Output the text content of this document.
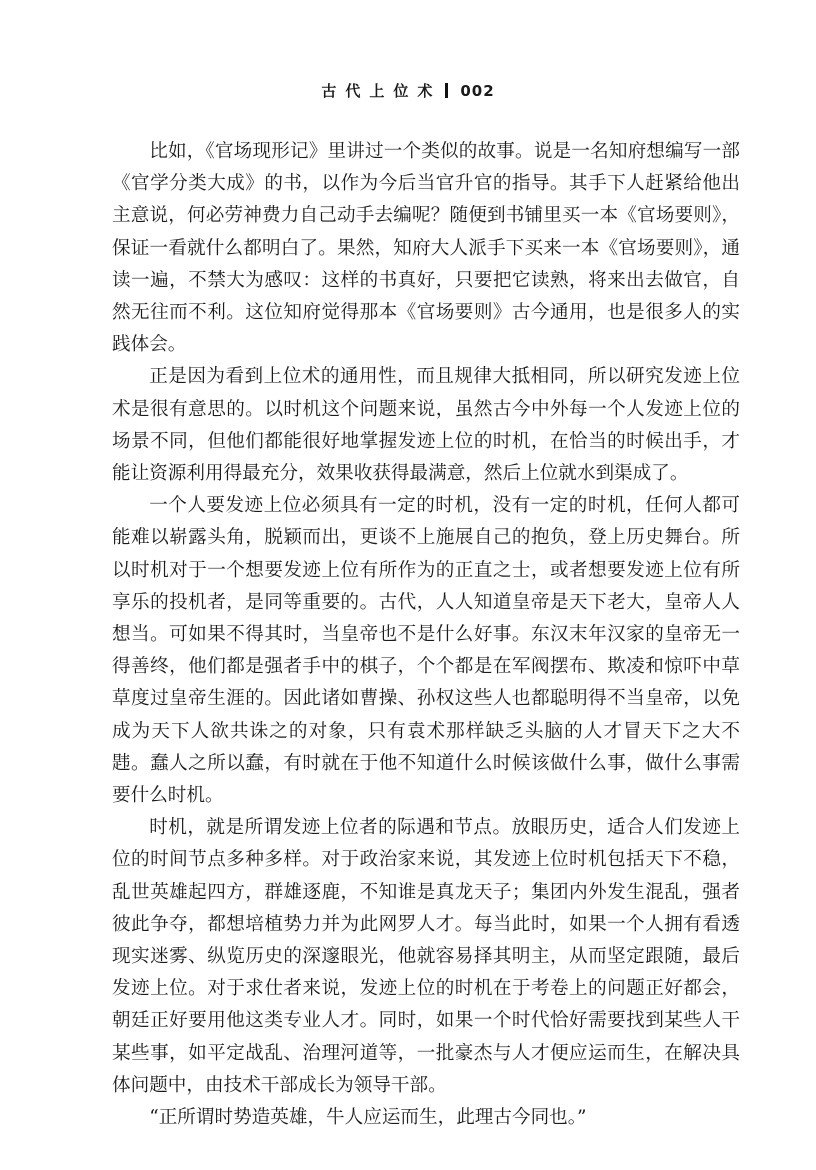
古代上位术 002

比如，《官场现形记》里讲过一个类似的故事。说是一名知府想编写一部《官学分类大成》的书，以作为今后当官升官的指导。其手下人赶紧给他出主意说，何必劳神费力自己动手去编呢？随便到书铺里买一本《官场要则》，保证一看就什么都明白了。果然，知府大人派手下买来一本《官场要则》，通读一遍，不禁大为感叹：这样的书真好，只要把它读熟，将来出去做官，自然无往而不利。这位知府觉得那本《官场要则》古今通用，也是很多人的实践体会。

正是因为看到上位术的通用性，而且规律大抵相同，所以研究发迹上位术是很有意思的。以时机这个问题来说，虽然古今中外每一个人发迹上位的场景不同，但他们都能很好地掌握发迹上位的时机，在恰当的时候出手，才能让资源利用得最充分，效果收获得最满意，然后上位就水到渠成了。

一个人要发迹上位必须具有一定的时机，没有一定的时机，任何人都可能难以崭露头角，脱颖而出，更谈不上施展自己的抱负，登上历史舞台。所以时机对于一个想要发迹上位有所作为的正直之士，或者想要发迹上位有所享乐的投机者，是同等重要的。古代，人人知道皇帝是天下老大，皇帝人人想当。可如果不得其时，当皇帝也不是什么好事。东汉末年汉家的皇帝无一得善终，他们都是强者手中的棋子，个个都是在军阀摆布、欺凌和惊吓中草草度过皇帝生涯的。因此诸如曹操、孙权这些人也都聪明得不当皇帝，以免成为天下人欲共诛之的对象，只有袁术那样缺乏头脑的人才冒天下之大不韪。蠢人之所以蠢，有时就在于他不知道什么时候该做什么事，做什么事需要什么时机。

时机，就是所谓发迹上位者的际遇和节点。放眼历史，适合人们发迹上位的时间节点多种多样。对于政治家来说，其发迹上位时机包括天下不稳，乱世英雄起四方，群雄逐鹿，不知谁是真龙天子；集团内外发生混乱，强者彼此争夺，都想培植势力并为此网罗人才。每当此时，如果一个人拥有看透现实迷雾、纵览历史的深邃眼光，他就容易择其明主，从而坚定跟随，最后发迹上位。对于求仕者来说，发迹上位的时机在于考卷上的问题正好都会，朝廷正好要用他这类专业人才。同时，如果一个时代恰好需要找到某些人干某些事，如平定战乱、治理河道等，一批豪杰与人才便应运而生，在解决具体问题中，由技术干部成长为领导干部。

“正所谓时势造英雄，牛人应运而生，此理古今同也。”
